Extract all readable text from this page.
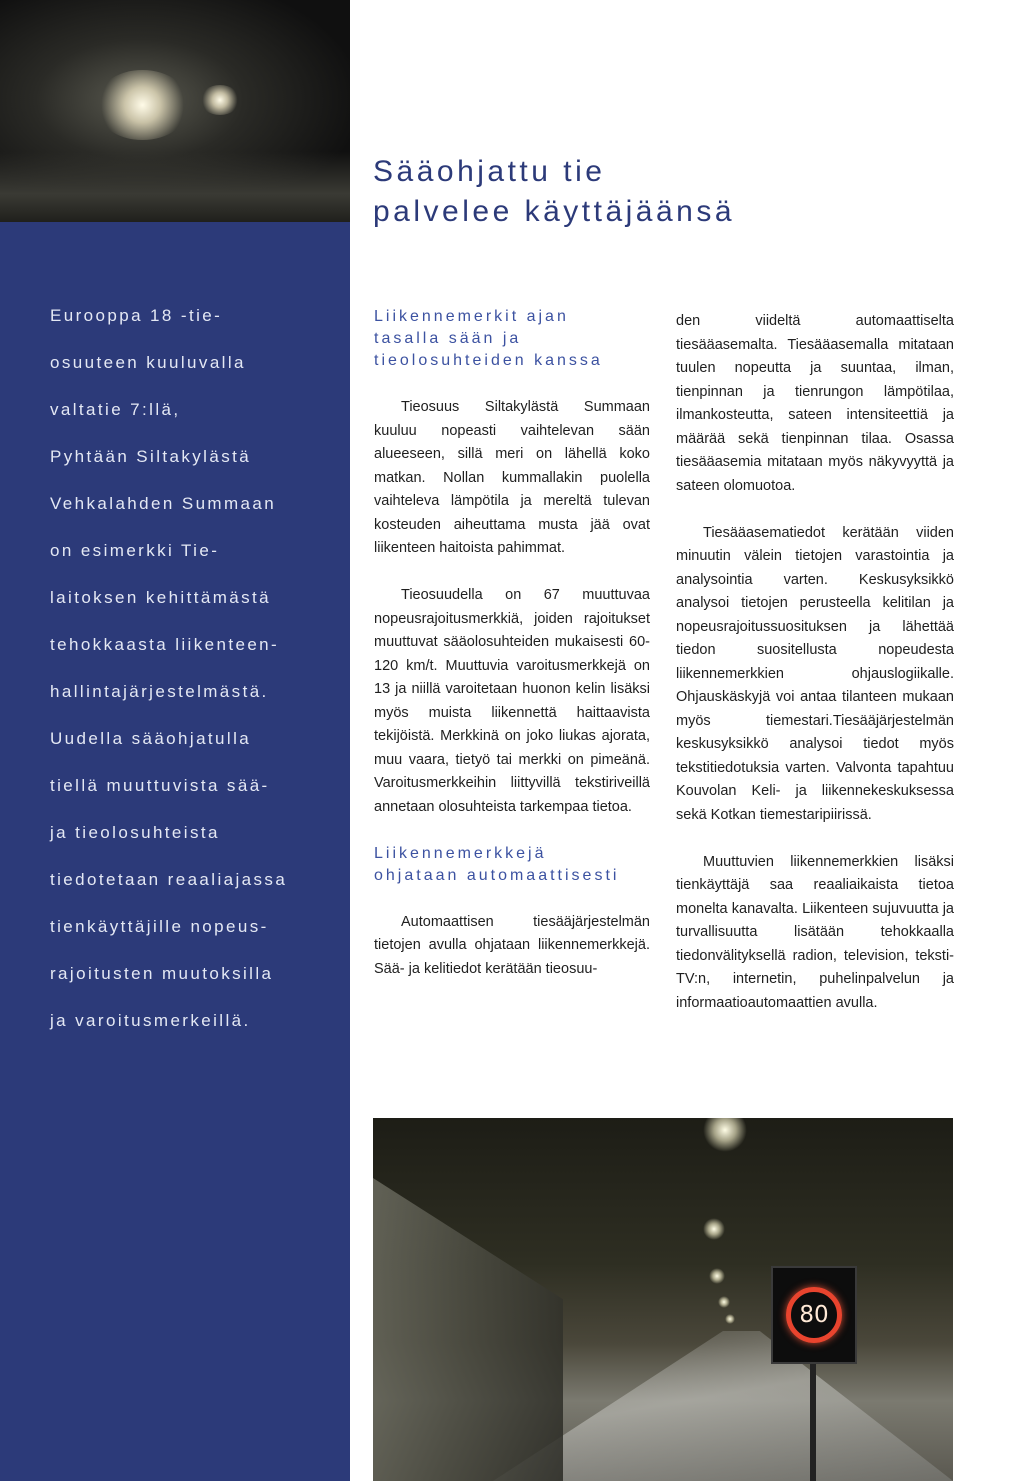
Eurooppa 18 -tie-
osuuteen kuuluvalla
valtatie 7:llä,
Pyhtään Siltakylästä
Vehkalahden Summaan
on esimerkki Tie-
laitoksen kehittämästä
tehokkaasta liikenteen-
hallintajärjestelmästä.
Uudella sääohjatulla
tiellä muuttuvista sää-
ja tieolosuhteista
tiedotetaan reaaliajassa
tienkäyttäjille nopeus-
rajoitusten muutoksilla
ja varoitusmerkeillä.
Sääohjattu tie
palvelee käyttäjäänsä
Liikennemerkit ajan
tasalla sään ja
tieolosuhteiden kanssa

Tieosuus Siltakylästä Summaan kuuluu nopeasti vaihtelevan sään alueeseen, sillä meri on lähellä koko matkan. Nollan kummallakin puolella vaihteleva lämpötila ja mereltä tulevan kosteuden aiheuttama musta jää ovat liikenteen haitoista pahimmat.

Tieosuudella on 67 muuttuvaa nopeusrajoitusmerkkiä, joiden rajoitukset muuttuvat sääolosuhteiden mukaisesti 60-120 km/t. Muuttuvia varoitusmerkkejä on 13 ja niillä varoitetaan huonon kelin lisäksi myös muista liikennettä haittaavista tekijöistä. Merkkinä on joko liukas ajorata, muu vaara, tietyö tai merkki on pimeänä. Varoitusmerkkeihin liittyvillä tekstiriveillä annetaan olosuhteista tarkempaa tietoa.

Liikennemerkkejä
ohjataan automaattisesti

Automaattisen tiesääjärjestelmän tietojen avulla ohjataan liikennemerkkejä. Sää- ja kelitiedot kerätään tieosuu-

den viideltä automaattiselta tiesääasemalta. Tiesääasemalla mitataan tuulen nopeutta ja suuntaa, ilman, tienpinnan ja tienrungon lämpötilaa, ilmankosteutta, sateen intensiteettiä ja määrää sekä tienpinnan tilaa. Osassa tiesääasemia mitataan myös näkyvyyttä ja sateen olomuotoa.

Tiesääasematiedot kerätään viiden minuutin välein tietojen varastointia ja analysointia varten. Keskusyksikkö analysoi tietojen perusteella kelitilan ja nopeusrajoitussuosituksen ja lähettää tiedon suositellusta nopeudesta liikennemerkkien ohjauslogiikalle. Ohjauskäskyjä voi antaa tilanteen mukaan myös tiemestari.Tiesääjärjestelmän keskusyksikkö analysoi tiedot myös tekstitiedotuksia varten. Valvonta tapahtuu Kouvolan Keli- ja liikennekeskuksessa sekä Kotkan tiemestaripiirissä.

Muuttuvien liikennemerkkien lisäksi tienkäyttäjä saa reaaliaikaista tietoa monelta kanavalta. Liikenteen sujuvuutta ja turvallisuutta lisätään tehokkaalla tiedonvälityksellä radion, television, teksti-TV:n, internetin, puhelinpalvelun ja informaatioautomaattien avulla.

80
